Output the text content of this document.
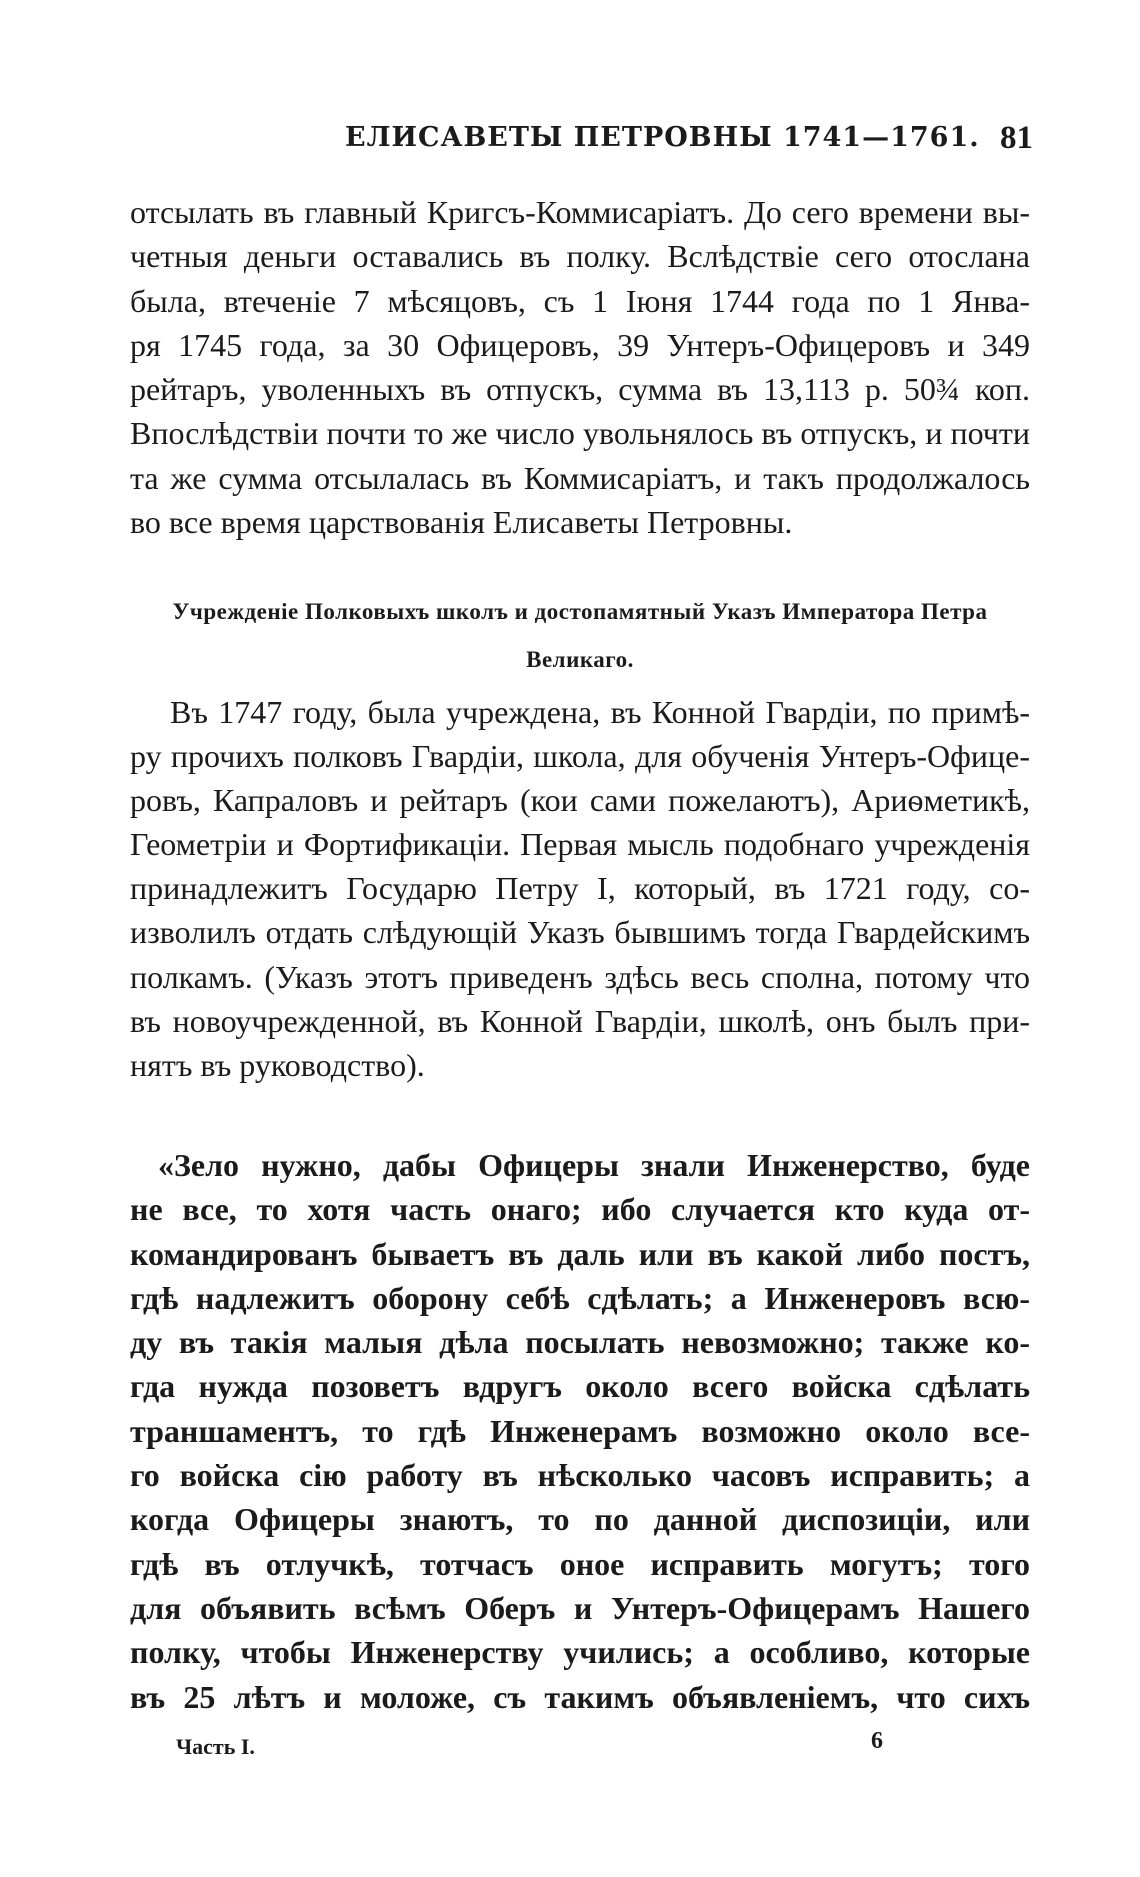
ЕЛИСАВЕТЫ ПЕТРОВНЫ 1741—1761. 81
отсылать въ главный Кригсъ-Коммисаріатъ. До сего времени вы-
четныя деньги оставались въ полку. Вслѣдствіе сего отослана
была, втеченіе 7 мѣсяцовъ, съ 1 Іюня 1744 года по 1 Янва-
ря 1745 года, за 30 Офицеровъ, 39 Унтеръ-Офицеровъ и 349
рейтаръ, уволенныхъ въ отпускъ, сумма въ 13,113 р. 50¾ коп.
Впослѣдствіи почти то же число увольнялось въ отпускъ, и почти
та же сумма отсылалась въ Коммисаріатъ, и такъ продолжалось
во все время царствованія Елисаветы Петровны.
Учрежденіе Полковыхъ школъ и достопамятный Указъ Императора Петра
Великаго.
Въ 1747 году, была учреждена, въ Конной Гвардіи, по примѣ-
ру прочихъ полковъ Гвардіи, школа, для обученія Унтеръ-Офице-
ровъ, Капраловъ и рейтаръ (кои сами пожелаютъ), Ариѳметикѣ,
Геометріи и Фортификаціи. Первая мысль подобнаго учрежденія
принадлежитъ Государю Петру I, который, въ 1721 году, со-
изволилъ отдать слѣдующій Указъ бывшимъ тогда Гвардейскимъ
полкамъ. (Указъ этотъ приведенъ здѣсь весь сполна, потому что
въ новоучрежденной, въ Конной Гвардіи, школѣ, онъ былъ при-
нятъ въ руководство).
«Зело нужно, дабы Офицеры знали Инженерство, буде
не все, то хотя часть онаго; ибо случается кто куда от-
командированъ бываетъ въ даль или въ какой либо постъ,
гдѣ надлежитъ оборону себѣ сдѣлать; а Инженеровъ всю-
ду въ такія малыя дѣла посылать невозможно; также ко-
гда нужда позоветъ вдругъ около всего войска сдѣлать
траншаментъ, то гдѣ Инженерамъ возможно около все-
го войска сію работу въ нѣсколько часовъ исправить; а
когда Офицеры знаютъ, то по данной диспозиціи, или
гдѣ въ отлучкѣ, тотчасъ оное исправить могутъ; того
для объявить всѣмъ Оберъ и Унтеръ-Офицерамъ Нашего
полку, чтобы Инженерству учились; а особливо, которые
въ 25 лѣтъ и моложе, съ такимъ объявленіемъ, что сихъ
Часть I.	6
